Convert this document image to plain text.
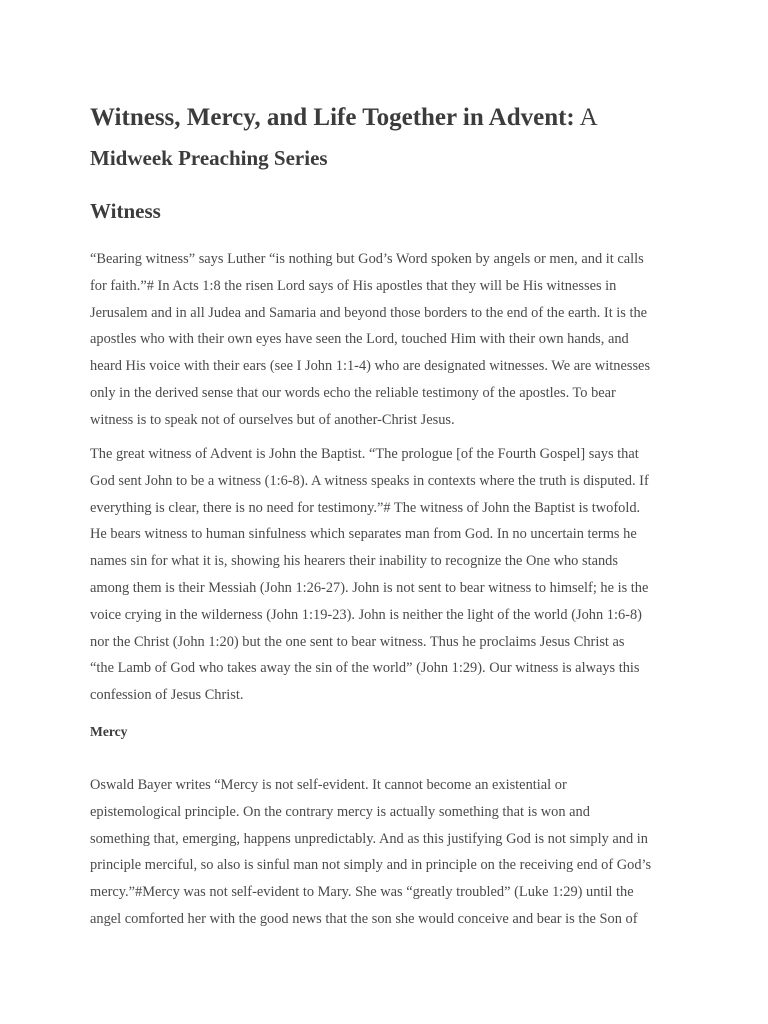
Witness, Mercy, and Life Together in Advent: A
Midweek Preaching Series
Witness

“Bearing witness” says Luther “is nothing but God’s Word spoken by angels or men, and it calls
for faith.”# In Acts 1:8 the risen Lord says of His apostles that they will be His witnesses in
Jerusalem and in all Judea and Samaria and beyond those borders to the end of the earth. It is the
apostles who with their own eyes have seen the Lord, touched Him with their own hands, and
heard His voice with their ears (see I John 1:1-4) who are designated witnesses. We are witnesses
only in the derived sense that our words echo the reliable testimony of the apostles. To bear
witness is to speak not of ourselves but of another-Christ Jesus.

The great witness of Advent is John the Baptist. “The prologue [of the Fourth Gospel] says that
God sent John to be a witness (1:6-8). A witness speaks in contexts where the truth is disputed. If
everything is clear, there is no need for testimony.”# The witness of John the Baptist is twofold.
He bears witness to human sinfulness which separates man from God. In no uncertain terms he
names sin for what it is, showing his hearers their inability to recognize the One who stands
among them is their Messiah (John 1:26-27). John is not sent to bear witness to himself; he is the
voice crying in the wilderness (John 1:19-23). John is neither the light of the world (John 1:6-8)
nor the Christ (John 1:20) but the one sent to bear witness. Thus he proclaims Jesus Christ as
“the Lamb of God who takes away the sin of the world” (John 1:29). Our witness is always this
confession of Jesus Christ.

Mercy

Oswald Bayer writes “Mercy is not self-evident. It cannot become an existential or
epistemological principle. On the contrary mercy is actually something that is won and
something that, emerging, happens unpredictably. And as this justifying God is not simply and in
principle merciful, so also is sinful man not simply and in principle on the receiving end of God’s
mercy.”#Mercy was not self-evident to Mary. She was “greatly troubled” (Luke 1:29) until the
angel comforted her with the good news that the son she would conceive and bear is the Son of
